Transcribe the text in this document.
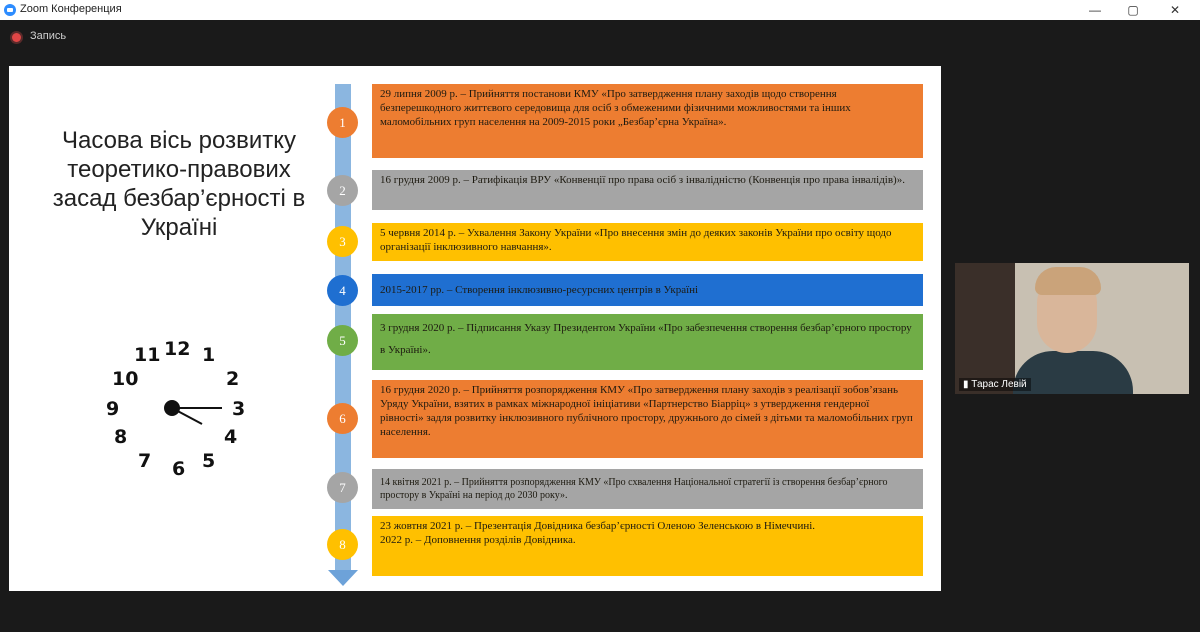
Zoom Конференция	—	▢	✕
Запись
Часова вісь розвитку теоретико-правових засад безбар’єрності в Україні
12 1
2
3
4
5
6
7
8
9
10
11
1
29 липня 2009 р. – Прийняття постанови КМУ «Про затвердження плану заходів щодо створення безперешкодного життєвого середовища для осіб з обмеженими фізичними можливостями та інших маломобільних груп населення на 2009-2015 роки „Безбар’єрна Україна».
2
16 грудня 2009 р. – Ратифікація ВРУ «Конвенції про права осіб з інвалідністю (Конвенція про права інвалідів)».
3
5 червня 2014 р. – Ухвалення Закону України «Про внесення змін до деяких законів України про освіту щодо організації інклюзивного навчання».
4	2015-2017 рр. – Створення інклюзивно-ресурсних центрів в Україні
5
3 грудня 2020 р. – Підписання Указу Президентом України «Про забезпечення створення безбар’єрного простору в Україні».
6
16 грудня 2020 р. – Прийняття розпорядження КМУ «Про затвердження плану заходів з реалізації зобов’язань Уряду України, взятих в рамках міжнародної ініціативи «Партнерство Біарріц» з утвердження гендерної рівності» задля розвитку інклюзивного публічного простору, дружнього до сімей з дітьми та маломобільних груп населення.
7	14 квітня 2021 р. – Прийняття розпорядження КМУ «Про схвалення Національної стратегії із створення безбар’єрного простору в Україні на період до 2030 року».
8
23 жовтня 2021 р. – Презентація Довідника безбар’єрності Оленою Зеленською в Німеччині.
2022 р. – Доповнення розділів Довідника.
▮ Тарас Левій
